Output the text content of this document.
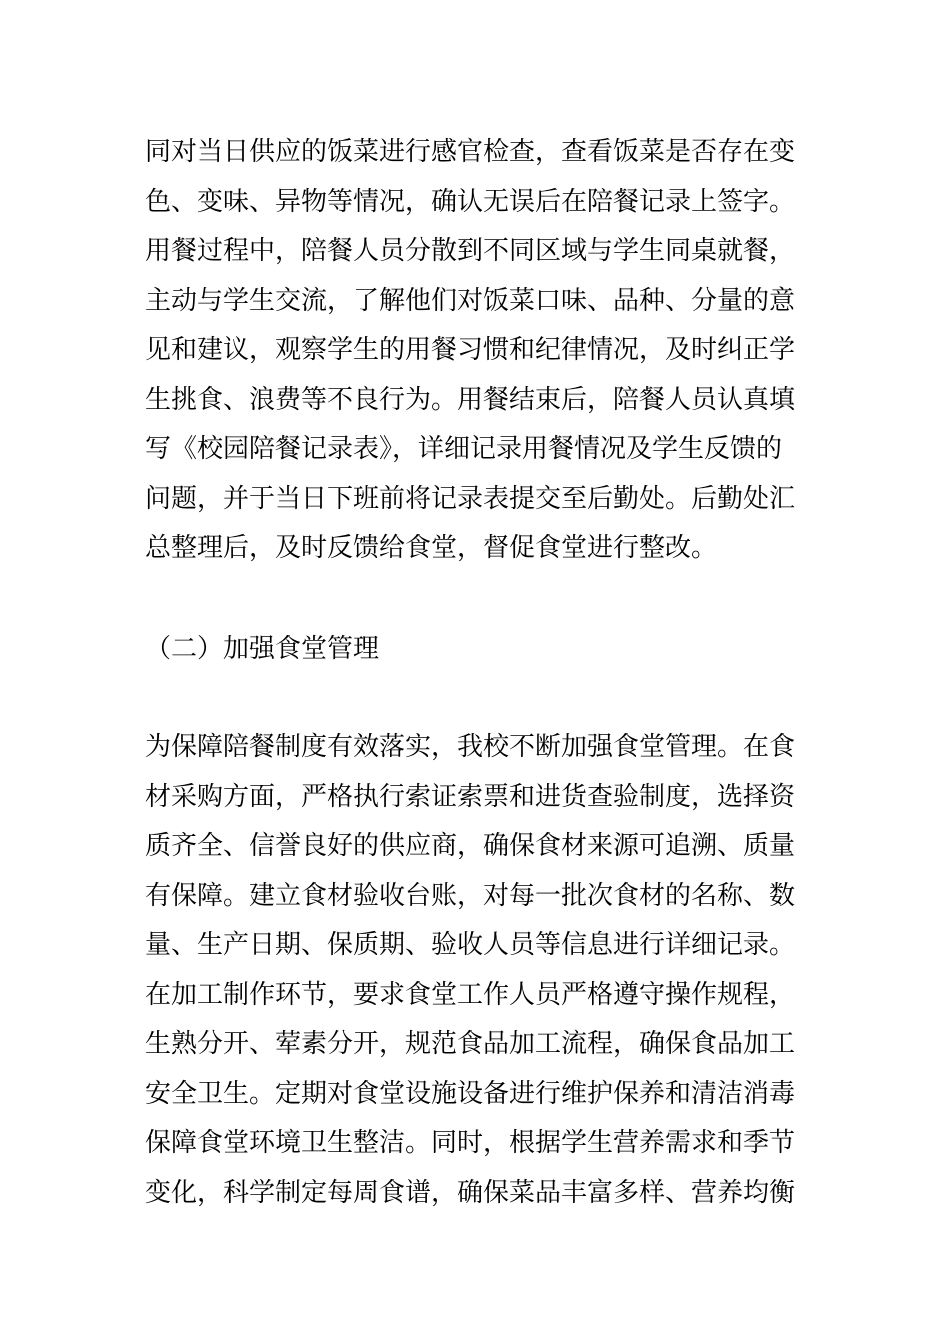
同对当日供应的饭菜进行感官检查，查看饭菜是否存在变
色、变味、异物等情况，确认无误后在陪餐记录上签字。
用餐过程中，陪餐人员分散到不同区域与学生同桌就餐，
主动与学生交流，了解他们对饭菜口味、品种、分量的意
见和建议，观察学生的用餐习惯和纪律情况，及时纠正学
生挑食、浪费等不良行为。用餐结束后，陪餐人员认真填
写《校园陪餐记录表》，详细记录用餐情况及学生反馈的
问题，并于当日下班前将记录表提交至后勤处。后勤处汇
总整理后，及时反馈给食堂，督促食堂进行整改。
（二）加强食堂管理
为保障陪餐制度有效落实，我校不断加强食堂管理。在食
材采购方面，严格执行索证索票和进货查验制度，选择资
质齐全、信誉良好的供应商，确保食材来源可追溯、质量
有保障。建立食材验收台账，对每一批次食材的名称、数
量、生产日期、保质期、验收人员等信息进行详细记录。
在加工制作环节，要求食堂工作人员严格遵守操作规程，
生熟分开、荤素分开，规范食品加工流程，确保食品加工
安全卫生。定期对食堂设施设备进行维护保养和清洁消毒
保障食堂环境卫生整洁。同时，根据学生营养需求和季节
变化，科学制定每周食谱，确保菜品丰富多样、营养均衡
